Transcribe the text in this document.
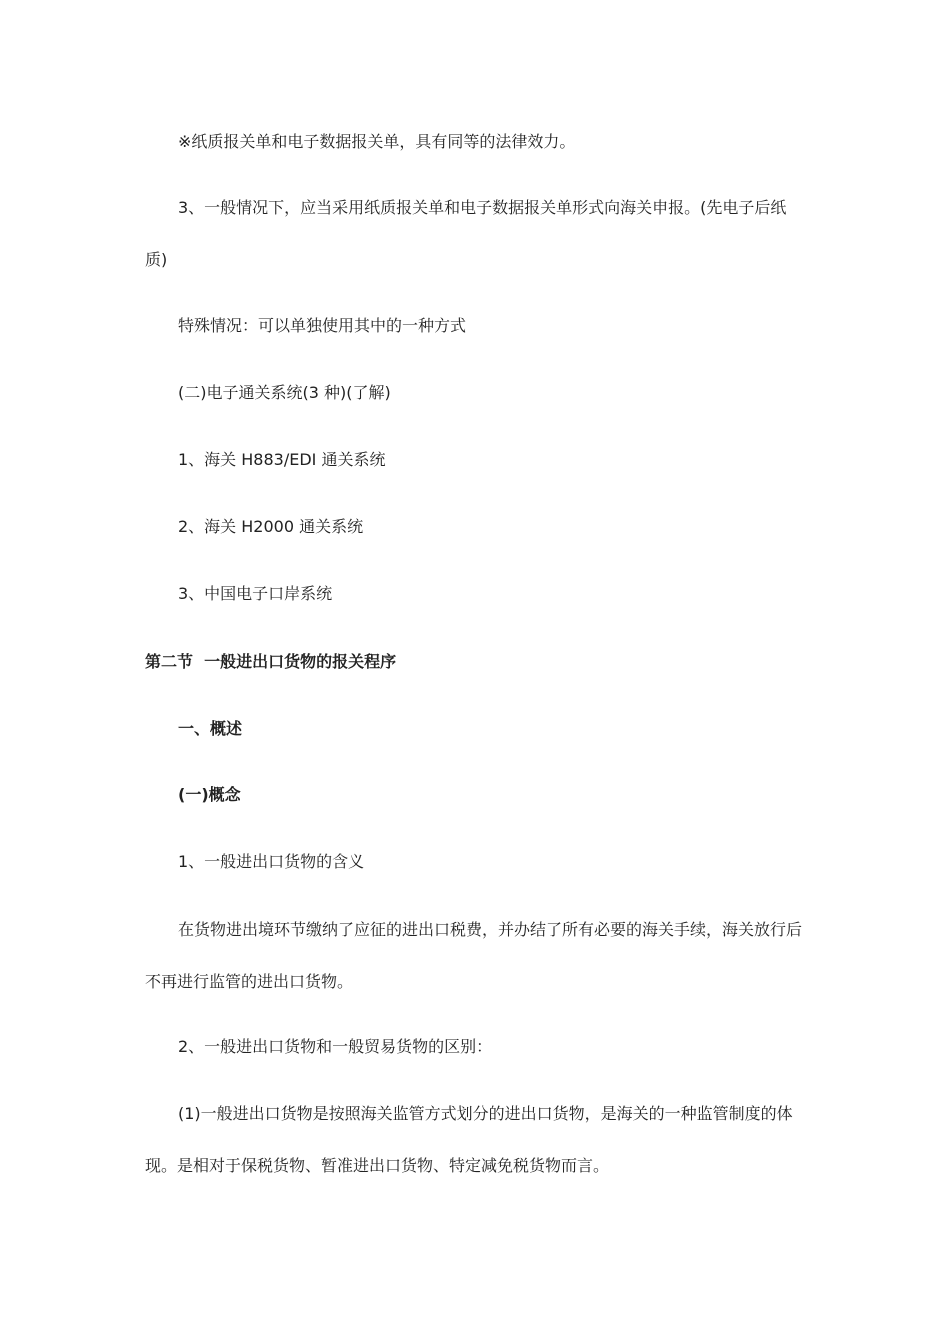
※纸质报关单和电子数据报关单，具有同等的法律效力。
3、一般情况下，应当采用纸质报关单和电子数据报关单形式向海关申报。(先电子后纸质)
特殊情况：可以单独使用其中的一种方式
(二)电子通关系统(3 种)(了解)
1、海关 H883/EDI 通关系统
2、海关 H2000 通关系统
3、中国电子口岸系统
第二节  一般进出口货物的报关程序
一、概述
(一)概念
1、一般进出口货物的含义
在货物进出境环节缴纳了应征的进出口税费，并办结了所有必要的海关手续，海关放行后不再进行监管的进出口货物。
2、一般进出口货物和一般贸易货物的区别：
(1)一般进出口货物是按照海关监管方式划分的进出口货物，是海关的一种监管制度的体现。是相对于保税货物、暂准进出口货物、特定减免税货物而言。
